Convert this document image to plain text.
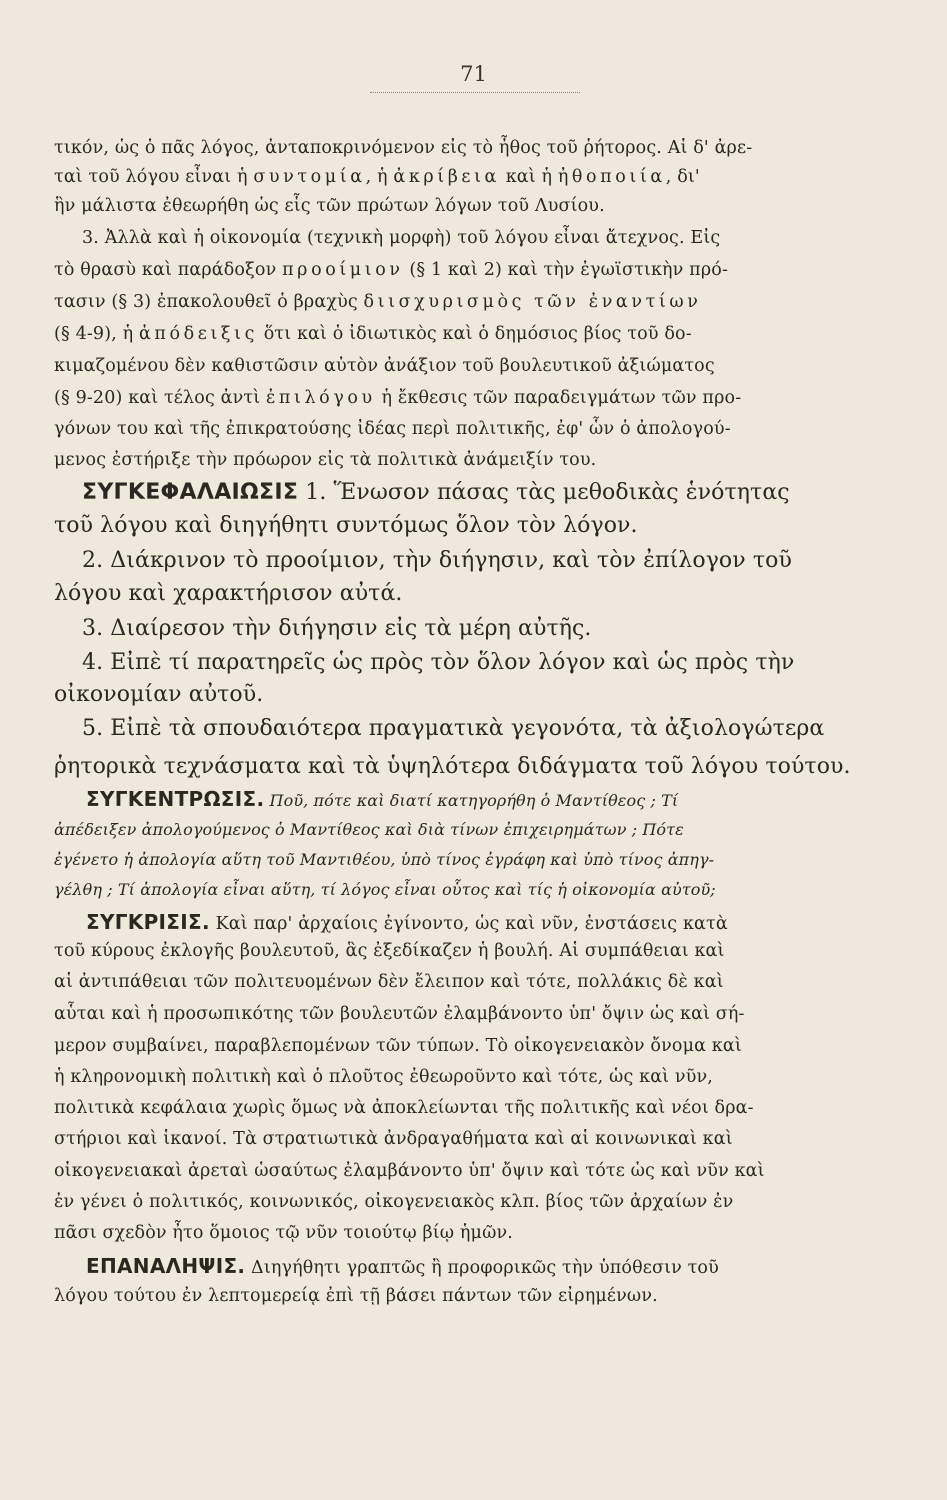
71
τικόν, ὡς ὁ πᾶς λόγος, ἀνταποκρινόμενον εἰς τὸ ἦθος τοῦ ῥήτορος. Αἱ δ' ἀρε-
ταὶ τοῦ λόγου εἶναι ἡ συντομία, ἡ ἀκρίβεια καὶ ἡ ἠθοποιία, δι'
ἣν μάλιστα ἐθεωρήθη ὡς εἷς τῶν πρώτων λόγων τοῦ Λυσίου.
3. Ἀλλὰ καὶ ἡ οἰκονομία (τεχνικὴ μορφὴ) τοῦ λόγου εἶναι ἄτεχνος. Εἰς
τὸ θρασὺ καὶ παράδοξον προοίμιον (§ 1 καὶ 2) καὶ τὴν ἐγωϊστικὴν πρό-
τασιν (§ 3) ἐπακολουθεῖ ὁ βραχὺς διισχυρισμὸς τῶν ἐναντίων
(§ 4-9), ἡ ἀπόδειξις ὅτι καὶ ὁ ἰδιωτικὸς καὶ ὁ δημόσιος βίος τοῦ δο-
κιμαζομένου δὲν καθιστῶσιν αὐτὸν ἀνάξιον τοῦ βουλευτικοῦ ἀξιώματος
(§ 9-20) καὶ τέλος ἀντὶ ἐπιλόγου ἡ ἔκθεσις τῶν παραδειγμάτων τῶν προ-
γόνων του καὶ τῆς ἐπικρατούσης ἰδέας περὶ πολιτικῆς, ἐφ' ὧν ὁ ἀπολογού-
μενος ἐστήριξε τὴν πρόωρον εἰς τὰ πολιτικὰ ἀνάμειξίν του.
ΣΥΓΚΕΦΑΛΑΙΩΣΙΣ 1. Ἕνωσον πάσας τὰς μεθοδικὰς ἑνότητας
τοῦ λόγου καὶ διηγήθητι συντόμως ὅλον τὸν λόγον.
2. Διάκρινον τὸ προοίμιον, τὴν διήγησιν, καὶ τὸν ἐπίλογον τοῦ
λόγου καὶ χαρακτήρισον αὐτά.
3. Διαίρεσον τὴν διήγησιν εἰς τὰ μέρη αὐτῆς.
4. Εἰπὲ τί παρατηρεῖς ὡς πρὸς τὸν ὅλον λόγον καὶ ὡς πρὸς τὴν
οἰκονομίαν αὐτοῦ.
5. Εἰπὲ τὰ σπουδαιότερα πραγματικὰ γεγονότα, τὰ ἀξιολογώτερα
ῥητορικὰ τεχνάσματα καὶ τὰ ὑψηλότερα διδάγματα τοῦ λόγου τούτου.
ΣΥΓΚΕΝΤΡΩΣΙΣ. Ποῦ, πότε καὶ διατί κατηγορήθη ὁ Μαντίθεος ; Τί
ἀπέδειξεν ἀπολογούμενος ὁ Μαντίθεος καὶ διὰ τίνων ἐπιχειρημάτων ; Πότε
ἐγένετο ἡ ἀπολογία αὕτη τοῦ Μαντιθέου, ὑπὸ τίνος ἐγράφη καὶ ὑπὸ τίνος ἀπηγ-
γέλθη ; Τί ἀπολογία εἶναι αὕτη, τί λόγος εἶναι οὗτος καὶ τίς ἡ οἰκονομία αὐτοῦ;
ΣΥΓΚΡΙΣΙΣ. Καὶ παρ' ἀρχαίοις ἐγίνοντο, ὡς καὶ νῦν, ἐνστάσεις κατὰ
τοῦ κύρους ἐκλογῆς βουλευτοῦ, ἃς ἐξεδίκαζεν ἡ βουλή. Αἱ συμπάθειαι καὶ
αἱ ἀντιπάθειαι τῶν πολιτευομένων δὲν ἔλειπον καὶ τότε, πολλάκις δὲ καὶ
αὗται καὶ ἡ προσωπικότης τῶν βουλευτῶν ἐλαμβάνοντο ὑπ' ὄψιν ὡς καὶ σή-
μερον συμβαίνει, παραβλεπομένων τῶν τύπων. Τὸ οἰκογενειακὸν ὄνομα καὶ
ἡ κληρονομικὴ πολιτικὴ καὶ ὁ πλοῦτος ἐθεωροῦντο καὶ τότε, ὡς καὶ νῦν,
πολιτικὰ κεφάλαια χωρὶς ὅμως νὰ ἀποκλείωνται τῆς πολιτικῆς καὶ νέοι δρα-
στήριοι καὶ ἱκανοί. Τὰ στρατιωτικὰ ἀνδραγαθήματα καὶ αἱ κοινωνικαὶ καὶ
οἰκογενειακαὶ ἀρεταὶ ὡσαύτως ἐλαμβάνοντο ὑπ' ὄψιν καὶ τότε ὡς καὶ νῦν καὶ
ἐν γένει ὁ πολιτικός, κοινωνικός, οἰκογενειακὸς κλπ. βίος τῶν ἀρχαίων ἐν
πᾶσι σχεδὸν ἦτο ὅμοιος τῷ νῦν τοιούτῳ βίῳ ἡμῶν.
ΕΠΑΝΑΛΗΨΙΣ. Διηγήθητι γραπτῶς ἢ προφορικῶς τὴν ὑπόθεσιν τοῦ
λόγου τούτου ἐν λεπτομερείᾳ ἐπὶ τῇ βάσει πάντων τῶν εἰρημένων.
